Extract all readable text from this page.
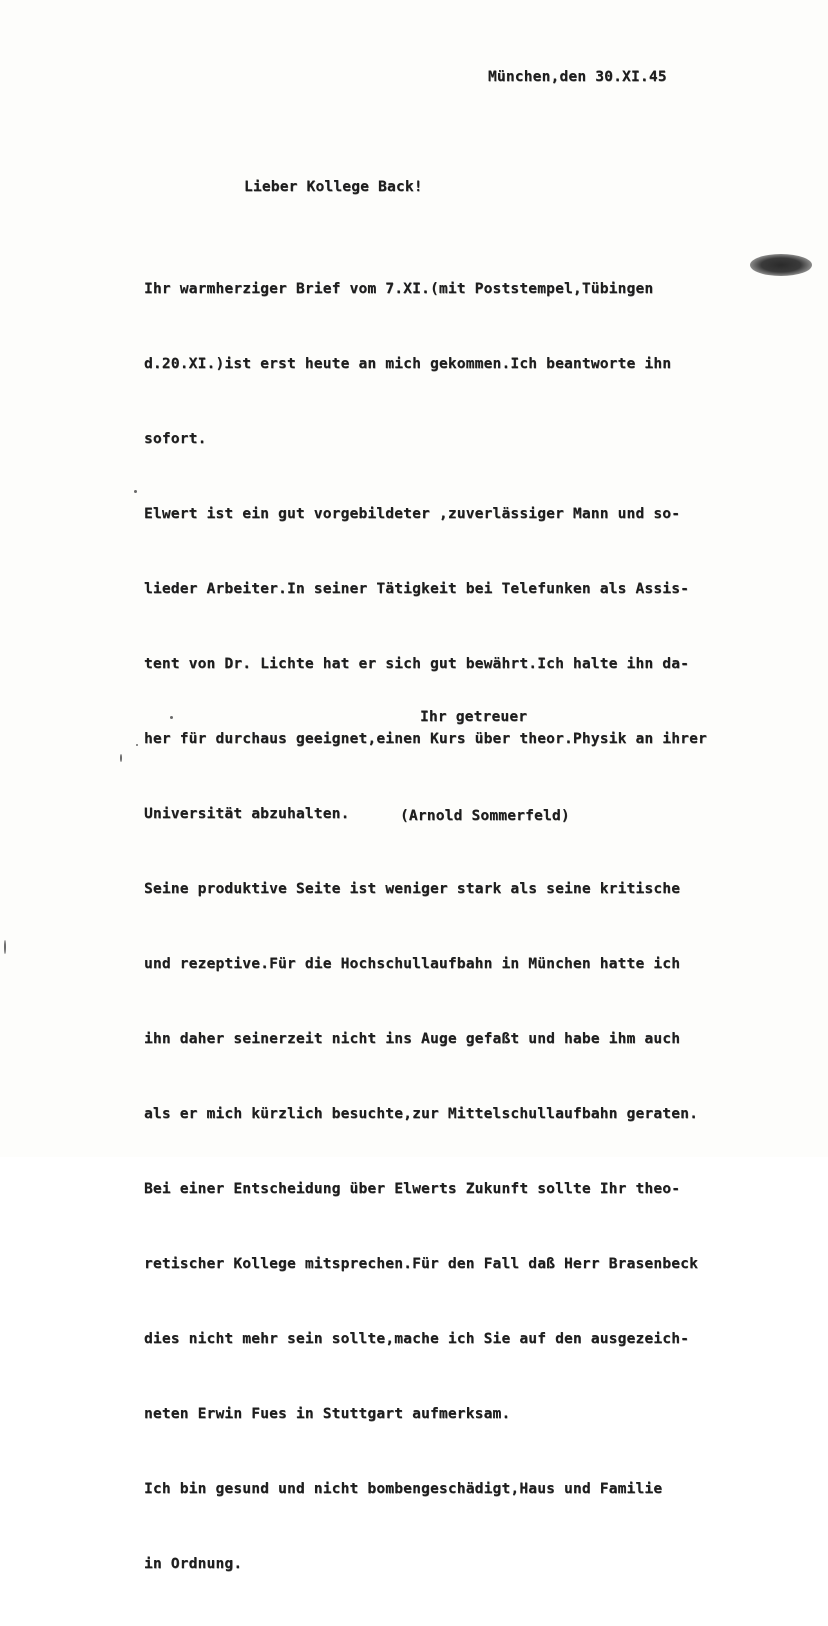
München,den 30.XI.45
Lieber Kollege Back!

Ihr warmherziger Brief vom 7.XI.(mit Poststempel,Tübingen

d.20.XI.)ist erst heute an mich gekommen.Ich beantworte ihn

sofort.

Elwert ist ein gut vorgebildeter ,zuverlässiger Mann und so-

lieder Arbeiter.In seiner Tätigkeit bei Telefunken als Assis-

tent von Dr. Lichte hat er sich gut bewährt.Ich halte ihn da-

her für durchaus geeignet,einen Kurs über theor.Physik an ihrer

Universität abzuhalten.

Seine produktive Seite ist weniger stark als seine kritische

und rezeptive.Für die Hochschullaufbahn in München hatte ich

ihn daher seinerzeit nicht ins Auge gefaßt und habe ihm auch

als er mich kürzlich besuchte,zur Mittelschullaufbahn geraten.

Bei einer Entscheidung über Elwerts Zukunft sollte Ihr theo-

retischer Kollege mitsprechen.Für den Fall daß Herr Brasenbeck

dies nicht mehr sein sollte,mache ich Sie auf den ausgezeich-

neten Erwin Fues in Stuttgart aufmerksam.

Ich bin gesund und nicht bombengeschädigt,Haus und Familie

in Ordnung.

Ihr getreuer
(Arnold Sommerfeld)
